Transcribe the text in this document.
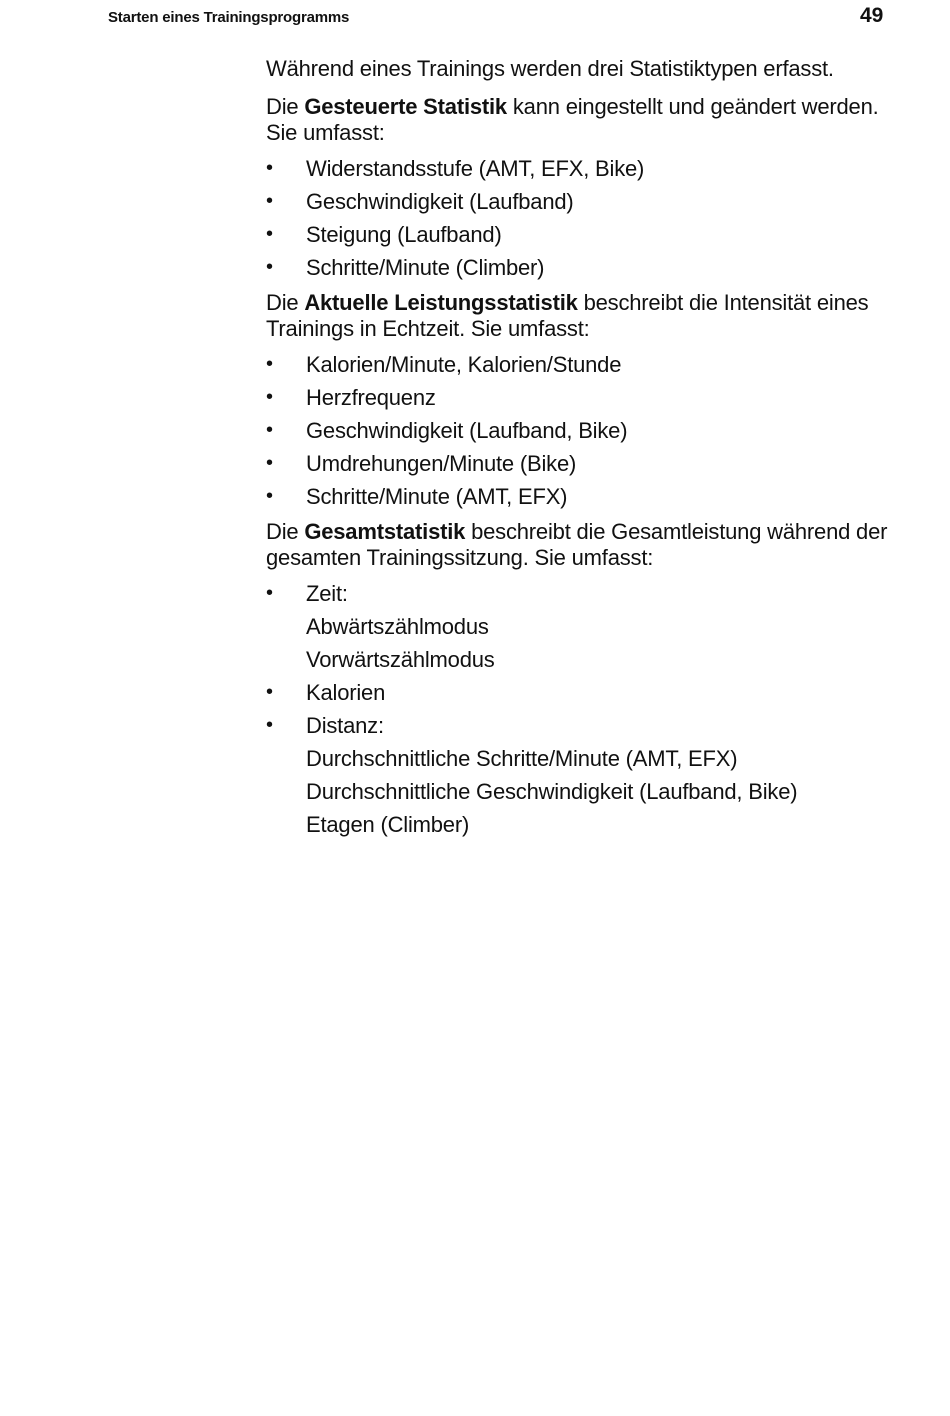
Starten eines Trainingsprogramms	49

Während eines Trainings werden drei Statistiktypen erfasst.

Die Gesteuerte Statistik kann eingestellt und geändert werden. Sie umfasst:

•	Widerstandsstufe (AMT, EFX, Bike)
•	Geschwindigkeit (Laufband)
•	Steigung (Laufband)
•	Schritte/Minute (Climber)

Die Aktuelle Leistungsstatistik beschreibt die Intensität eines Trainings in Echtzeit. Sie umfasst:

•	Kalorien/Minute, Kalorien/Stunde
•	Herzfrequenz
•	Geschwindigkeit (Laufband, Bike)
•	Umdrehungen/Minute (Bike)
•	Schritte/Minute (AMT, EFX)

Die Gesamtstatistik beschreibt die Gesamtleistung während der gesamten Trainingssitzung. Sie umfasst:

•	Zeit:
Abwärtszählmodus
Vorwärtszählmodus
•	Kalorien
•	Distanz:
Durchschnittliche Schritte/Minute (AMT, EFX)
Durchschnittliche Geschwindigkeit (Laufband, Bike)
Etagen (Climber)
